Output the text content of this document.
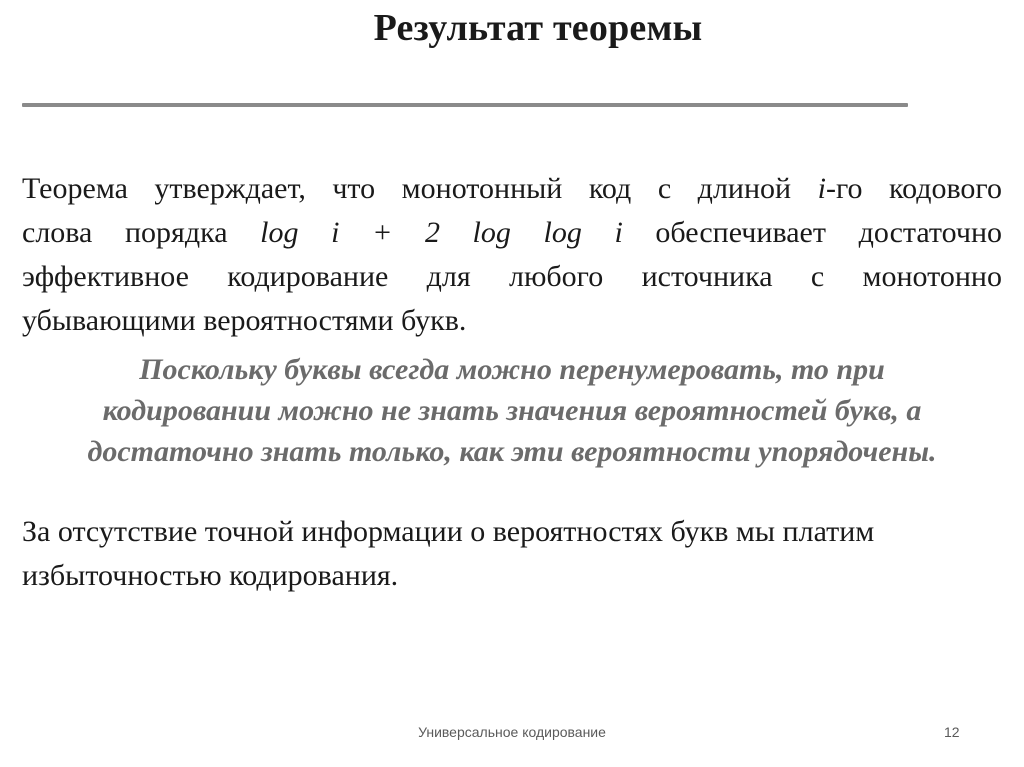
Результат теоремы
Теорема утверждает, что монотонный код с длиной i-го кодового
слова порядка log i + 2 log log i обеспечивает достаточно
эффективное кодирование для любого источника с монотонно
убывающими вероятностями букв.
Поскольку буквы всегда можно перенумеровать, то при
кодировании можно не знать значения вероятностей букв, а
достаточно знать только, как эти вероятности упорядочены.
За отсутствие точной информации о вероятностях букв мы платим
избыточностью кодирования.
Универсальное кодирование	12
